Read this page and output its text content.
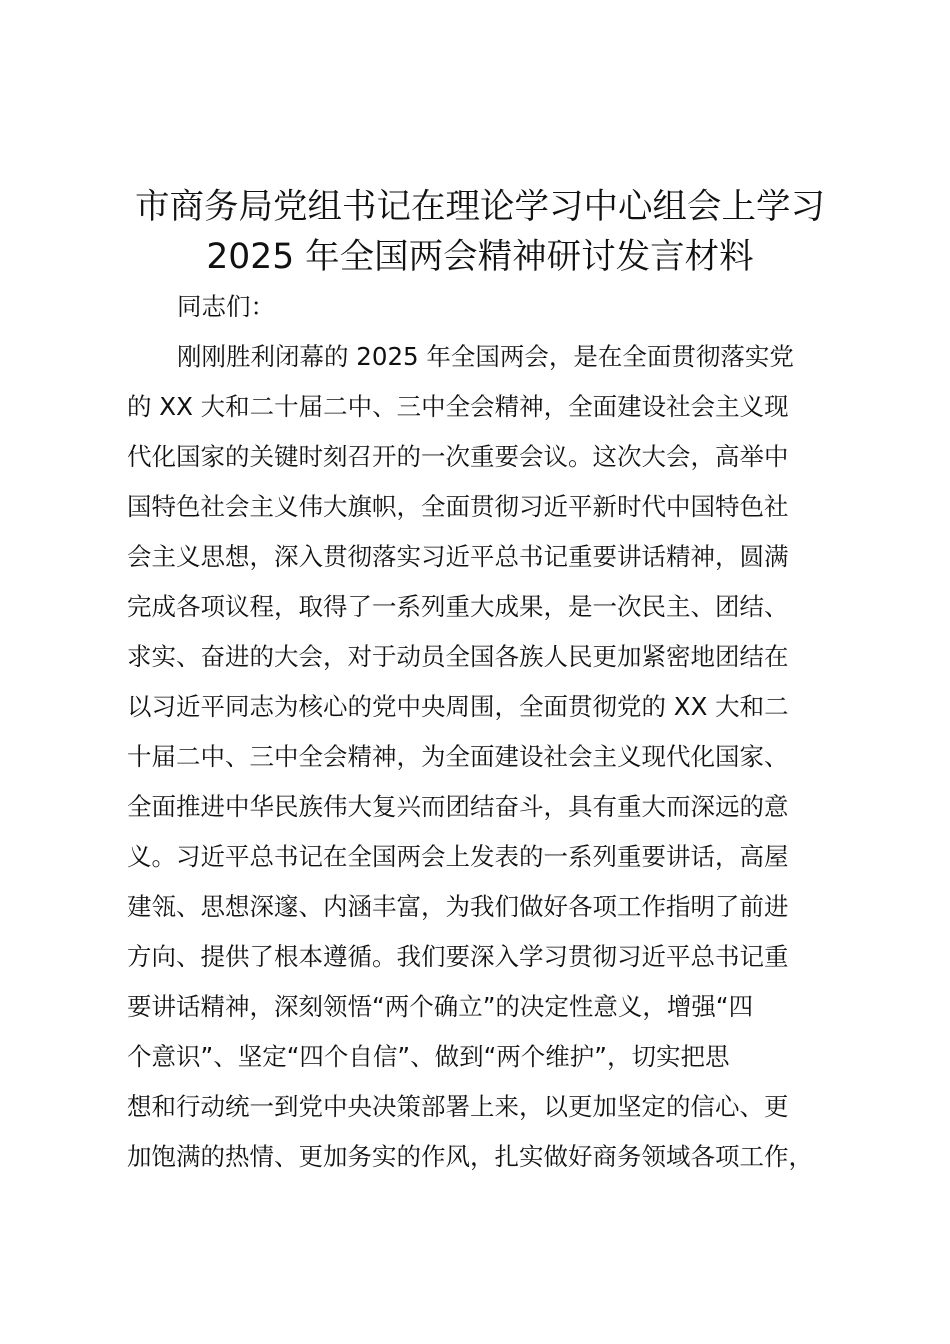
市商务局党组书记在理论学习中心组会上学习
2025 年全国两会精神研讨发言材料
同志们：
刚刚胜利闭幕的 2025 年全国两会，是在全面贯彻落实党
的 XX 大和二十届二中、三中全会精神，全面建设社会主义现
代化国家的关键时刻召开的一次重要会议。这次大会，高举中
国特色社会主义伟大旗帜，全面贯彻习近平新时代中国特色社
会主义思想，深入贯彻落实习近平总书记重要讲话精神，圆满
完成各项议程，取得了一系列重大成果，是一次民主、团结、
求实、奋进的大会，对于动员全国各族人民更加紧密地团结在
以习近平同志为核心的党中央周围，全面贯彻党的 XX 大和二
十届二中、三中全会精神，为全面建设社会主义现代化国家、
全面推进中华民族伟大复兴而团结奋斗，具有重大而深远的意
义。习近平总书记在全国两会上发表的一系列重要讲话，高屋
建瓴、思想深邃、内涵丰富，为我们做好各项工作指明了前进
方向、提供了根本遵循。我们要深入学习贯彻习近平总书记重
要讲话精神，深刻领悟“两个确立”的决定性意义，增强“四
个意识”、坚定“四个自信”、做到“两个维护”，切实把思
想和行动统一到党中央决策部署上来，以更加坚定的信心、更
加饱满的热情、更加务实的作风，扎实做好商务领域各项工作，
